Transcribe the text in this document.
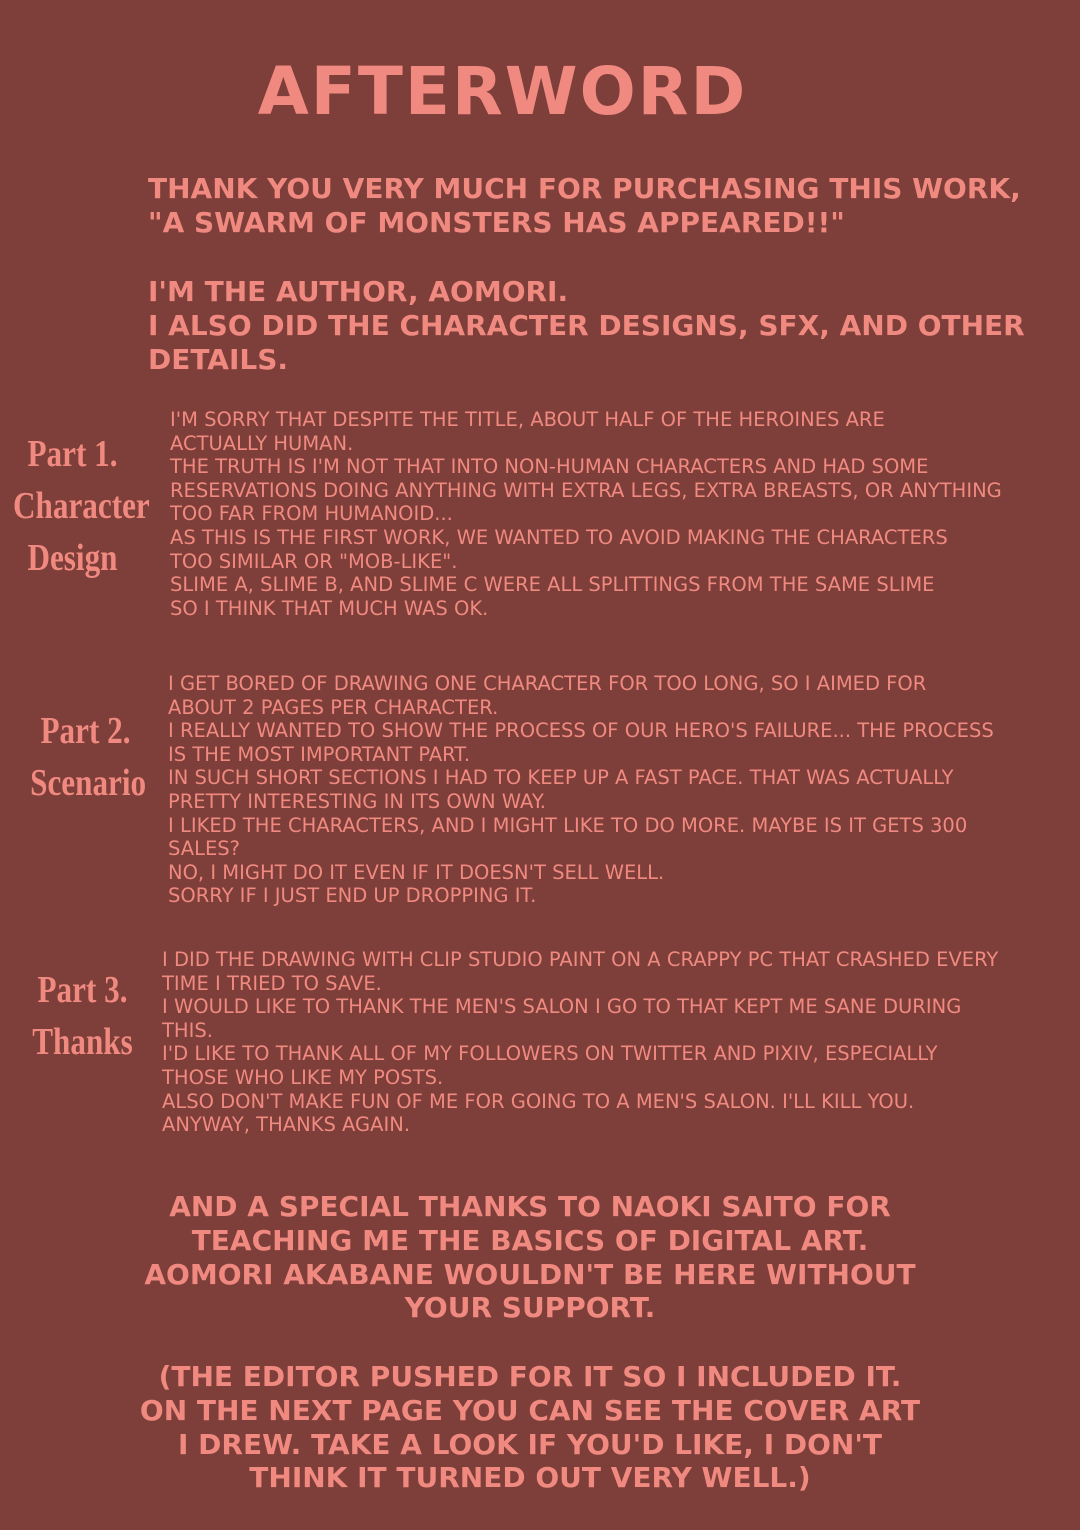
AFTERWORD
THANK YOU VERY MUCH FOR PURCHASING THIS WORK,
"A SWARM OF MONSTERS HAS APPEARED!!"
I'M THE AUTHOR, AOMORI.
I ALSO DID THE CHARACTER DESIGNS, SFX, AND OTHER
DETAILS.
Part 1.
Character
Design
I'M SORRY THAT DESPITE THE TITLE, ABOUT HALF OF THE HEROINES ARE
ACTUALLY HUMAN.
THE TRUTH IS I'M NOT THAT INTO NON-HUMAN CHARACTERS AND HAD SOME
RESERVATIONS DOING ANYTHING WITH EXTRA LEGS, EXTRA BREASTS, OR ANYTHING
TOO FAR FROM HUMANOID...
AS THIS IS THE FIRST WORK, WE WANTED TO AVOID MAKING THE CHARACTERS
TOO SIMILAR OR "MOB-LIKE".
SLIME A, SLIME B, AND SLIME C WERE ALL SPLITTINGS FROM THE SAME SLIME
SO I THINK THAT MUCH WAS OK.
Part 2.
Scenario
I GET BORED OF DRAWING ONE CHARACTER FOR TOO LONG, SO I AIMED FOR
ABOUT 2 PAGES PER CHARACTER.
I REALLY WANTED TO SHOW THE PROCESS OF OUR HERO'S FAILURE... THE PROCESS
IS THE MOST IMPORTANT PART.
IN SUCH SHORT SECTIONS I HAD TO KEEP UP A FAST PACE. THAT WAS ACTUALLY
PRETTY INTERESTING IN ITS OWN WAY.
I LIKED THE CHARACTERS, AND I MIGHT LIKE TO DO MORE. MAYBE IS IT GETS 300
SALES?
NO, I MIGHT DO IT EVEN IF IT DOESN'T SELL WELL.
SORRY IF I JUST END UP DROPPING IT.
Part 3.
Thanks
I DID THE DRAWING WITH CLIP STUDIO PAINT ON A CRAPPY PC THAT CRASHED EVERY
TIME I TRIED TO SAVE.
I WOULD LIKE TO THANK THE MEN'S SALON I GO TO THAT KEPT ME SANE DURING
THIS.
I'D LIKE TO THANK ALL OF MY FOLLOWERS ON TWITTER AND PIXIV, ESPECIALLY
THOSE WHO LIKE MY POSTS.
ALSO DON'T MAKE FUN OF ME FOR GOING TO A MEN'S SALON. I'LL KILL YOU.
ANYWAY, THANKS AGAIN.
AND A SPECIAL THANKS TO NAOKI SAITO FOR
TEACHING ME THE BASICS OF DIGITAL ART.
AOMORI AKABANE WOULDN'T BE HERE WITHOUT
YOUR SUPPORT.
(THE EDITOR PUSHED FOR IT SO I INCLUDED IT.
ON THE NEXT PAGE YOU CAN SEE THE COVER ART
I DREW. TAKE A LOOK IF YOU'D LIKE, I DON'T
THINK IT TURNED OUT VERY WELL.)
